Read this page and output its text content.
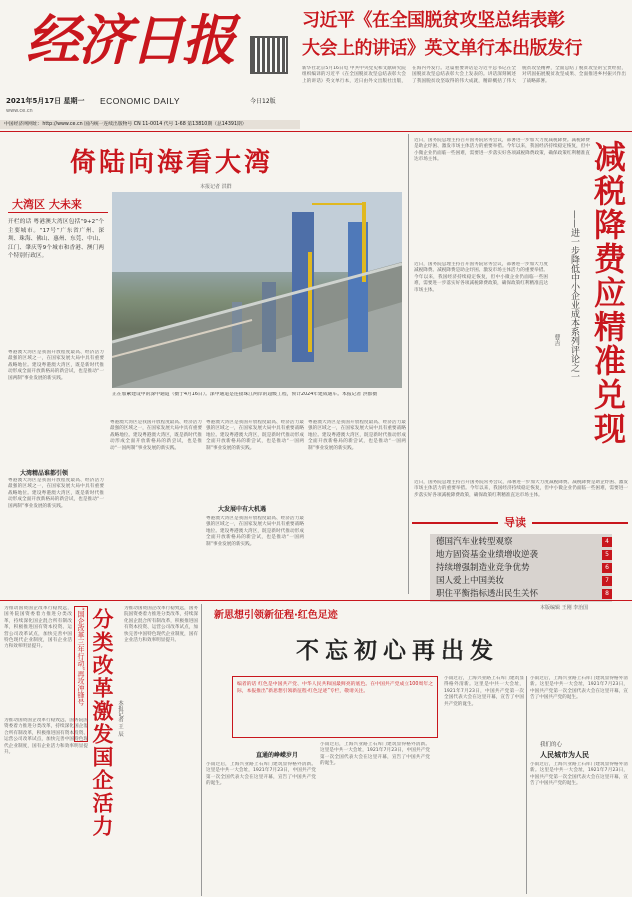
经济日报
ECONOMIC DAILY
2021年5月17日 星期一	今日12版
www.ce.cn
习近平《在全国脱贫攻坚总结表彰
大会上的讲话》英文单行本出版发行
新华社北京5月16日电 中共中央党史和文献研究院组织编译的习近平《在全国脱贫攻坚总结表彰大会上的讲话》英文单行本，近日由外文出版社出版，在海内外发行。这篇重要讲话是习近平总书记在全国脱贫攻坚总结表彰大会上发表的。讲话深刻阐述了我国脱贫攻坚取得的伟大成就，精辟概括了伟大脱贫攻坚精神，全面总结了脱贫攻坚的宝贵经验，对巩固拓展脱贫攻坚成果、全面推进乡村振兴作出了战略部署。
中国经济网网址：http://www.ce.cn 国内统一连续出版物号 CN 11-0014 代号 1-68 第13810期（总14391期）
倚陆向海看大湾
本报记者 洪群
大湾区 大未来
开栏的话 粤港澳大湾区包括“9+2”个主要城市。“17号”广东省广州、深圳、珠海、佛山、惠州、东莞、中山、江门、肇庆等9个城市和香港、澳门两个特别行政区。
正在加紧建设中的深中通道（摄于4月16日）。深中通道是连接珠江两岸的超级工程，预计2024年建成通车。本报记者 洪群摄
粤港澳大湾区是我国开放程度最高、经济活力最强的区域之一，在国家发展大局中具有重要战略地位。建设粤港澳大湾区，既是新时代推动形成全面开放新格局的新尝试，也是推动“一国两制”事业发展的新实践。
大湾精品谁都引领
粤港澳大湾区是我国开放程度最高、经济活力最强的区域之一，在国家发展大局中具有重要战略地位。建设粤港澳大湾区，既是新时代推动形成全面开放新格局的新尝试，也是推动“一国两制”事业发展的新实践。
粤港澳大湾区是我国开放程度最高、经济活力最强的区域之一，在国家发展大局中具有重要战略地位。建设粤港澳大湾区，既是新时代推动形成全面开放新格局的新尝试，也是推动“一国两制”事业发展的新实践。
粤港澳大湾区是我国开放程度最高、经济活力最强的区域之一，在国家发展大局中具有重要战略地位。建设粤港澳大湾区，既是新时代推动形成全面开放新格局的新尝试，也是推动“一国两制”事业发展的新实践。
大发展中有大机遇
粤港澳大湾区是我国开放程度最高、经济活力最强的区域之一，在国家发展大局中具有重要战略地位。建设粤港澳大湾区，既是新时代推动形成全面开放新格局的新尝试，也是推动“一国两制”事业发展的新实践。
粤港澳大湾区是我国开放程度最高、经济活力最强的区域之一，在国家发展大局中具有重要战略地位。建设粤港澳大湾区，既是新时代推动形成全面开放新格局的新尝试，也是推动“一国两制”事业发展的新实践。
近日，国务院总理主持召开国务院常务会议，部署进一步加大力度减税降费。减税降费是助企纾困、激发市场主体活力的重要举措。今年以来，我国经济持续稳定恢复，但中小微企业仍面临一些困难，需要进一步落实好各项减税降费政策，确保政策红利精准直达市场主体。	减税降费应精准兑现
——进一步降低中小企业成本系列评论之一
曹吉
近日，国务院总理主持召开国务院常务会议，部署进一步加大力度减税降费。减税降费是助企纾困、激发市场主体活力的重要举措。今年以来，我国经济持续稳定恢复，但中小微企业仍面临一些困难，需要进一步落实好各项减税降费政策，确保政策红利精准直达市场主体。
近日，国务院总理主持召开国务院常务会议，部署进一步加大力度减税降费。减税降费是助企纾困、激发市场主体活力的重要举措。今年以来，我国经济持续稳定恢复，但中小微企业仍面临一些困难，需要进一步落实好各项减税降费政策，确保政策红利精准直达市场主体。
导读
德国汽车业转型观察	4
地方固资基金业绩增收逆袭	5
持续增强制造业竞争优势	6
国人爱上中国美妆	7
职住平衡指标透出民生关怀	8
本版编辑 王刚 李治国
为推动国资国企改革行稳致远，国务院国资委着力推进分类改革，持续深化国企混合所有制改革，积极推进国有资本投资、运营公司改革试点，加快完善中国特色现代企业制度，国有企业活力和效率明显提升。	“国企改革三年行动”再攻冲锋号 分类改革激发国企活力 本报记者 王 辰
为推动国资国企改革行稳致远，国务院国资委着力推进分类改革，持续深化国企混合所有制改革，积极推进国有资本投资、运营公司改革试点，加快完善中国特色现代企业制度，国有企业活力和效率明显提升。
为推动国资国企改革行稳致远，国务院国资委着力推进分类改革，持续深化国企混合所有制改革，积极推进国有资本投资、运营公司改革试点，加快完善中国特色现代企业制度，国有企业活力和效率明显提升。
新思想引领新征程·红色足迹
不忘初心再出发
编者的话 红色是中国共产党、中华人民共和国最鲜亮的底色。在中国共产党成立100周年之际，本报推出“新思想引领新征程·红色足迹”专栏，敬请关注。
直通的峥嵘岁月
小雨过后，上海兴业路上石库门建筑显得格外清新。这里是中共一大会址，1921年7月23日，中国共产党第一次全国代表大会在这里开幕，宣告了中国共产党的诞生。
小雨过后，上海兴业路上石库门建筑显得格外清新。这里是中共一大会址，1921年7月23日，中国共产党第一次全国代表大会在这里开幕，宣告了中国共产党的诞生。
小雨过后，上海兴业路上石库门建筑显得格外清新。这里是中共一大会址，1921年7月23日，中国共产党第一次全国代表大会在这里开幕，宣告了中国共产党的诞生。
我们的心
人民城市为人民
小雨过后，上海兴业路上石库门建筑显得格外清新。这里是中共一大会址，1921年7月23日，中国共产党第一次全国代表大会在这里开幕，宣告了中国共产党的诞生。
小雨过后，上海兴业路上石库门建筑显得格外清新。这里是中共一大会址，1921年7月23日，中国共产党第一次全国代表大会在这里开幕，宣告了中国共产党的诞生。
